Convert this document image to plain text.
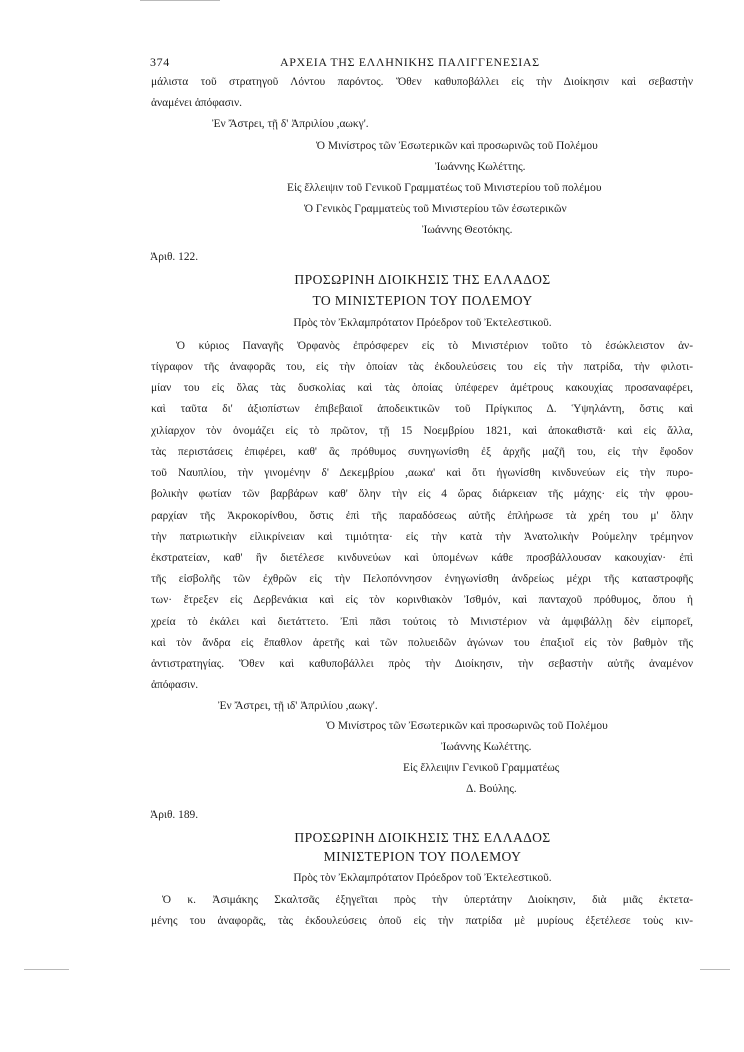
374	ΑΡΧΕΙΑ ΤΗΣ ΕΛΛΗΝΙΚΗΣ ΠΑΛΙΓΓΕΝΕΣΙΑΣ
μάλιστα τοῦ στρατηγοῦ Λόντου παρόντος. Ὅθεν καθυποβάλλει εἰς τὴν Διοίκησιν καὶ σεβαστὴν
ἀναμένει ἀπόφασιν.
Ἐν Ἄστρει, τῇ δ' Ἀπριλίου ,αωκγ'.
Ὁ Μινίστρος τῶν Ἐσωτερικῶν καὶ προσωρινῶς τοῦ Πολέμου
Ἰωάννης Κωλέττης.
Εἰς ἔλλειψιν τοῦ Γενικοῦ Γραμματέως τοῦ Μινιστερίου τοῦ πολέμου
Ὁ Γενικὸς Γραμματεὺς τοῦ Μινιστερίου τῶν ἐσωτερικῶν
Ἰωάννης Θεοτόκης.
Ἀριθ. 122.
ΠΡΟΣΩΡΙΝΗ ΔΙΟΙΚΗΣΙΣ ΤΗΣ ΕΛΛΑΔΟΣ
ΤΟ ΜΙΝΙΣΤΕΡΙΟΝ ΤΟΥ ΠΟΛΕΜΟΥ
Πρὸς τὸν Ἐκλαμπρότατον Πρόεδρον τοῦ Ἐκτελεστικοῦ.
Ὁ κύριος Παναγῆς Ὀρφανὸς ἐπρόσφερεν εἰς τὸ Μινιστέριον τοῦτο τὸ ἐσώκλειστον ἀν-
τίγραφον τῆς ἀναφορᾶς του, εἰς τὴν ὁποίαν τὰς ἐκδουλεύσεις του εἰς τὴν πατρίδα, τὴν φιλοτι-
μίαν του εἰς ὅλας τὰς δυσκολίας καὶ τὰς ὁποίας ὑπέφερεν ἀμέτρους κακουχίας προσαναφέρει,
καὶ ταῦτα δι' ἀξιοπίστων ἐπιβεβαιοῖ ἀποδεικτικῶν τοῦ Πρίγκιπος Δ. Ὑψηλάντη, ὅστις καὶ
χιλίαρχον τὸν ὀνομάζει εἰς τὸ πρῶτον, τῇ 15 Νοεμβρίου 1821, καὶ ἀποκαθιστᾶ· καὶ εἰς ἄλλα,
τὰς περιστάσεις ἐπιφέρει, καθ' ἃς πρόθυμος συνηγωνίσθη ἐξ ἀρχῆς μαζῆ του, εἰς τὴν ἔφοδον
τοῦ Ναυπλίου, τὴν γινομένην δ' Δεκεμβρίου ,αωκα' καὶ ὅτι ἠγωνίσθη κινδυνεύων εἰς τὴν πυρο-
βολικὴν φωτίαν τῶν βαρβάρων καθ' ὅλην τὴν εἰς 4 ὥρας διάρκειαν τῆς μάχης· εἰς τὴν φρου-
ραρχίαν τῆς Ἀκροκορίνθου, ὅστις ἐπὶ τῆς παραδόσεως αὐτῆς ἐπλήρωσε τὰ χρέη του μ' ὅλην
τὴν πατριωτικὴν εἰλικρίνειαν καὶ τιμιότητα· εἰς τὴν κατὰ τὴν Ἀνατολικὴν Ρούμελην τρέμηνον
ἐκστρατείαν, καθ' ἣν διετέλεσε κινδυνεύων καὶ ὑπομένων κάθε προσβάλλουσαν κακουχίαν· ἐπὶ
τῆς εἰσβολῆς τῶν ἐχθρῶν εἰς τὴν Πελοπόννησον ἐνηγωνίσθη ἀνδρείως μέχρι τῆς καταστροφῆς
των· ἔτρεξεν εἰς Δερβενάκια καὶ εἰς τὸν κορινθιακὸν Ἰσθμόν, καὶ πανταχοῦ πρόθυμος, ὅπου ἡ
χρεία τὸ ἐκάλει καὶ διετάττετο. Ἐπὶ πᾶσι τούτοις τὸ Μινιστέριον νὰ ἀμφιβάλλῃ δὲν εἰμπορεῖ,
καὶ τὸν ἄνδρα εἰς ἔπαθλον ἀρετῆς καὶ τῶν πολυειδῶν ἀγώνων του ἐπαξιοῖ εἰς τὸν βαθμὸν τῆς
ἀντιστρατηγίας. Ὅθεν καὶ καθυποβάλλει πρὸς τὴν Διοίκησιν, τὴν σεβαστὴν αὐτῆς ἀναμένον
ἀπόφασιν.
Ἐν Ἄστρει, τῇ ιδ' Ἀπριλίου ,αωκγ'.
Ὁ Μινίστρος τῶν Ἐσωτερικῶν καὶ προσωρινῶς τοῦ Πολέμου
Ἰωάννης Κωλέττης.
Εἰς ἔλλειψιν Γενικοῦ Γραμματέως
Δ. Βούλης.
Ἀριθ. 189.
ΠΡΟΣΩΡΙΝΗ ΔΙΟΙΚΗΣΙΣ ΤΗΣ ΕΛΛΑΔΟΣ
ΜΙΝΙΣΤΕΡΙΟΝ ΤΟΥ ΠΟΛΕΜΟΥ
Πρὸς τὸν Ἐκλαμπρότατον Πρόεδρον τοῦ Ἐκτελεστικοῦ.
Ὁ κ. Ἀσιμάκης Σκαλτσᾶς ἐξηγεῖται πρὸς τὴν ὑπερτάτην Διοίκησιν, διὰ μιᾶς ἐκτετα-
μένης του ἀναφορᾶς, τὰς ἐκδουλεύσεις ὁποῦ εἰς τὴν πατρίδα μὲ μυρίους ἐξετέλεσε τοὺς κιν-
